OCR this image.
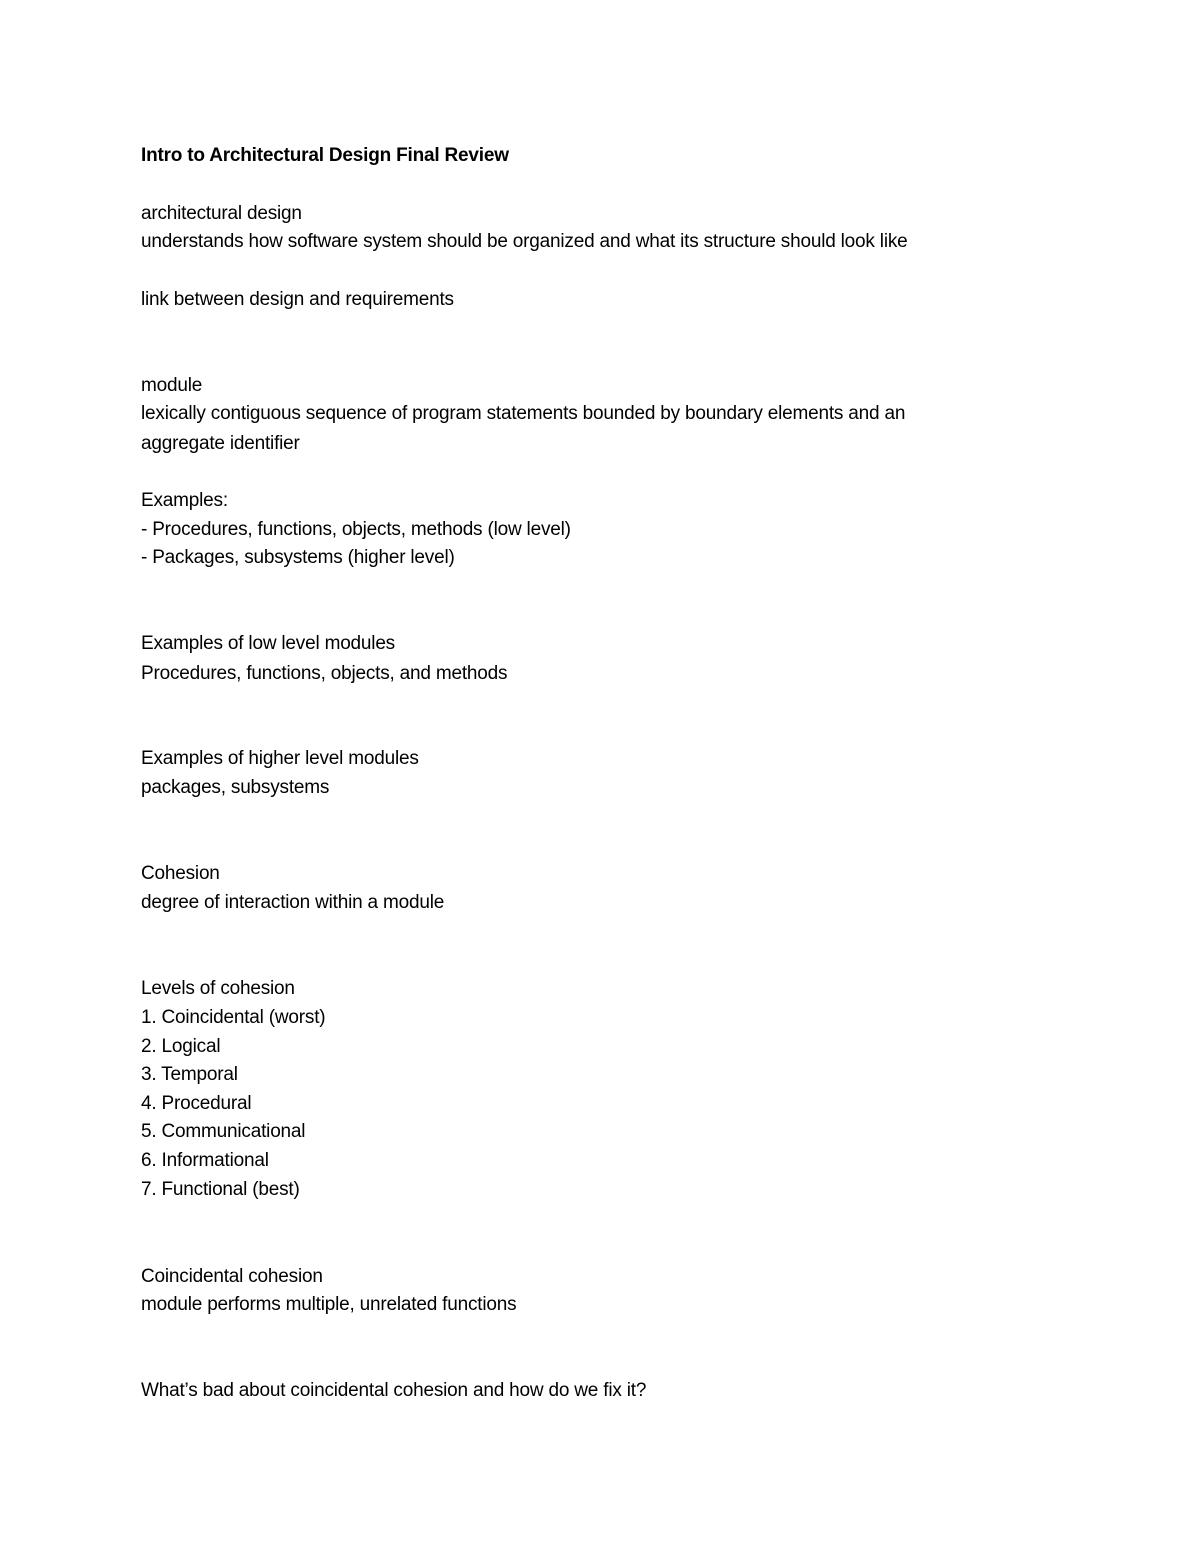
Intro to Architectural Design Final Review
architectural design
understands how software system should be organized and what its structure should look like
link between design and requirements
module
lexically contiguous sequence of program statements bounded by boundary elements and an
aggregate identifier
Examples:
- Procedures, functions, objects, methods (low level)
- Packages, subsystems (higher level)
Examples of low level modules
Procedures, functions, objects, and methods
Examples of higher level modules
packages, subsystems
Cohesion
degree of interaction within a module
Levels of cohesion
1. Coincidental (worst)
2. Logical
3. Temporal
4. Procedural
5. Communicational
6. Informational
7. Functional (best)
Coincidental cohesion
module performs multiple, unrelated functions
What’s bad about coincidental cohesion and how do we fix it?
